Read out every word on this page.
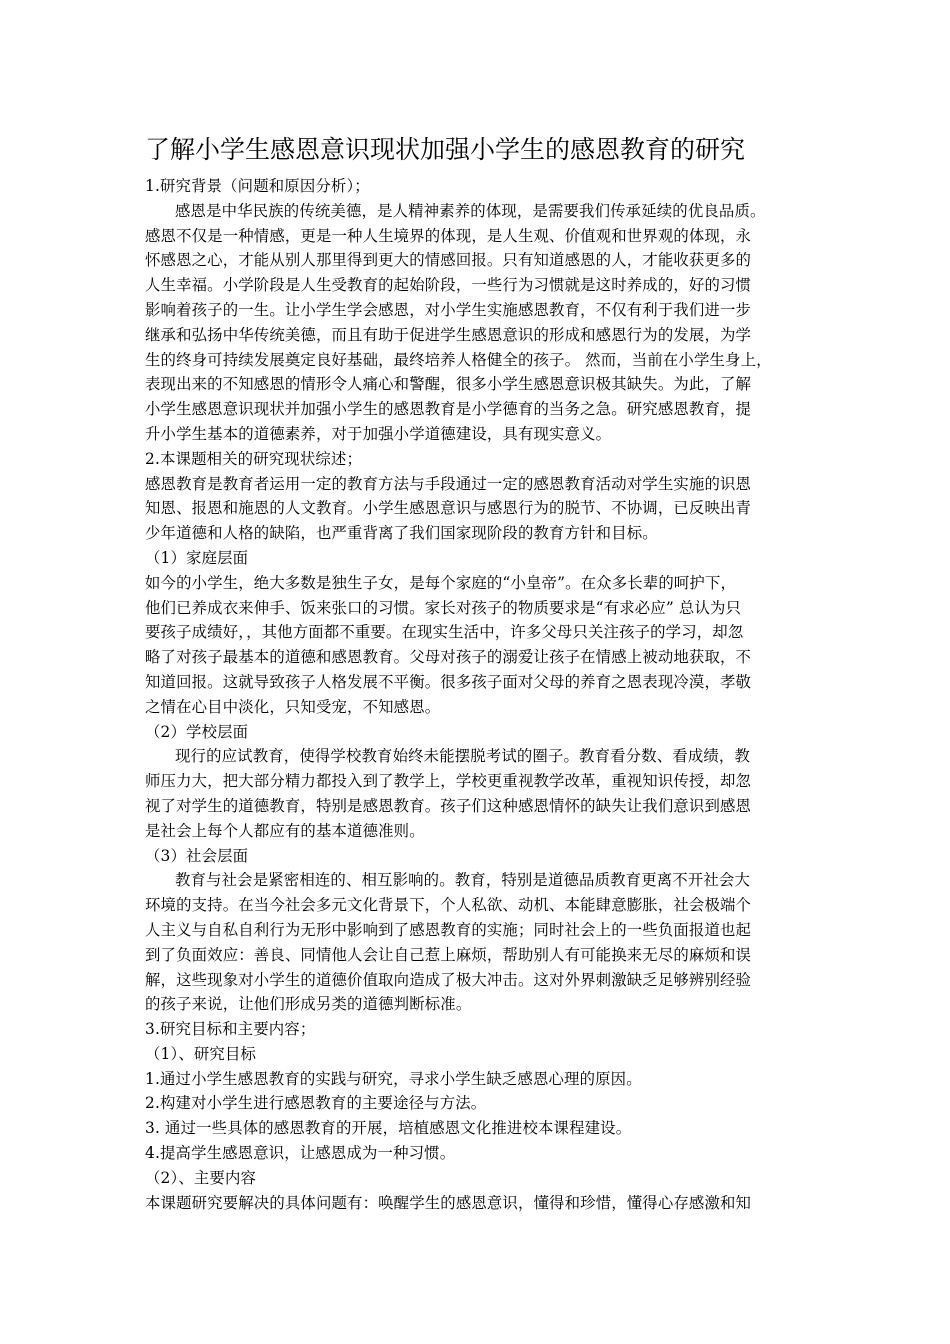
了解小学生感恩意识现状加强小学生的感恩教育的研究
1.研究背景（问题和原因分析）；
感恩是中华民族的传统美德，是人精神素养的体现，是需要我们传承延续的优良品质。
感恩不仅是一种情感，更是一种人生境界的体现，是人生观、价值观和世界观的体现，永
怀感恩之心，才能从别人那里得到更大的情感回报。只有知道感恩的人，才能收获更多的
人生幸福。小学阶段是人生受教育的起始阶段，一些行为习惯就是这时养成的，好的习惯
影响着孩子的一生。让小学生学会感恩，对小学生实施感恩教育，不仅有利于我们进一步
继承和弘扬中华传统美德，而且有助于促进学生感恩意识的形成和感恩行为的发展，为学
生的终身可持续发展奠定良好基础，最终培养人格健全的孩子。 然而，当前在小学生身上，
表现出来的不知感恩的情形令人痛心和警醒，很多小学生感恩意识极其缺失。为此，了解
小学生感恩意识现状并加强小学生的感恩教育是小学德育的当务之急。研究感恩教育，提
升小学生基本的道德素养，对于加强小学道德建设，具有现实意义。
2.本课题相关的研究现状综述；
感恩教育是教育者运用一定的教育方法与手段通过一定的感恩教育活动对学生实施的识恩
知恩、报恩和施恩的人文教育。小学生感恩意识与感恩行为的脱节、不协调，已反映出青
少年道德和人格的缺陷，也严重背离了我们国家现阶段的教育方针和目标。
（1）家庭层面
如今的小学生，绝大多数是独生子女，是每个家庭的“小皇帝”。在众多长辈的呵护下，
他们已养成衣来伸手、饭来张口的习惯。家长对孩子的物质要求是“有求必应” 总认为只
要孩子成绩好，，其他方面都不重要。在现实生活中，许多父母只关注孩子的学习，却忽
略了对孩子最基本的道德和感恩教育。父母对孩子的溺爱让孩子在情感上被动地获取，不
知道回报。这就导致孩子人格发展不平衡。很多孩子面对父母的养育之恩表现冷漠，孝敬
之情在心目中淡化，只知受宠，不知感恩。
（2）学校层面
现行的应试教育，使得学校教育始终未能摆脱考试的圈子。教育看分数、看成绩，教
师压力大，把大部分精力都投入到了教学上，学校更重视教学改革，重视知识传授，却忽
视了对学生的道德教育，特别是感恩教育。孩子们这种感恩情怀的缺失让我们意识到感恩
是社会上每个人都应有的基本道德准则。
（3）社会层面
教育与社会是紧密相连的、相互影响的。教育，特别是道德品质教育更离不开社会大
环境的支持。在当今社会多元文化背景下，个人私欲、动机、本能肆意膨胀，社会极端个
人主义与自私自利行为无形中影响到了感恩教育的实施；同时社会上的一些负面报道也起
到了负面效应：善良、同情他人会让自己惹上麻烦，帮助别人有可能换来无尽的麻烦和误
解，这些现象对小学生的道德价值取向造成了极大冲击。这对外界刺激缺乏足够辨别经验
的孩子来说，让他们形成另类的道德判断标准。
3.研究目标和主要内容；
（1）、研究目标
1.通过小学生感恩教育的实践与研究，寻求小学生缺乏感恩心理的原因。
2.构建对小学生进行感恩教育的主要途径与方法。
3. 通过一些具体的感恩教育的开展，培植感恩文化推进校本课程建设。
4.提高学生感恩意识，让感恩成为一种习惯。
（2）、主要内容
本课题研究要解决的具体问题有：唤醒学生的感恩意识，懂得和珍惜，懂得心存感激和知
